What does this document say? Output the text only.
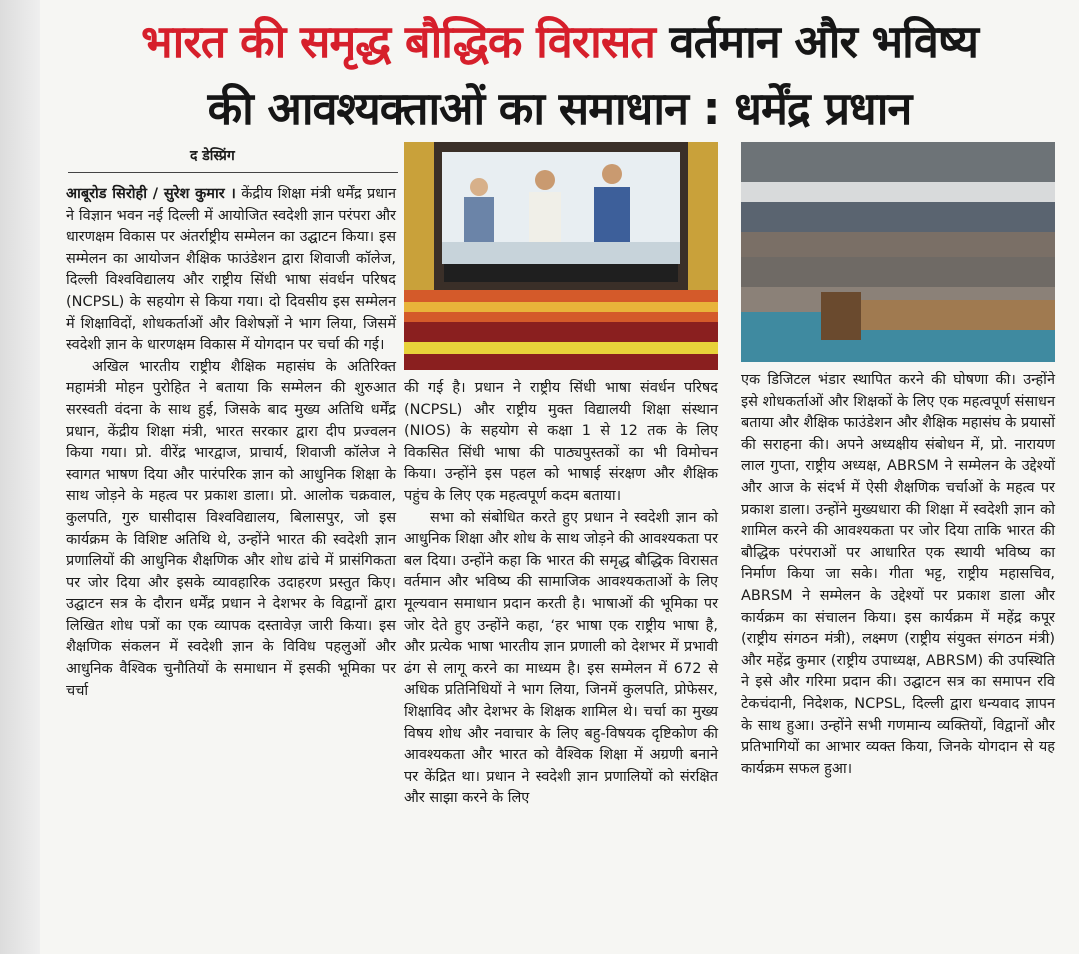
भारत की समृद्ध बौद्धिक विरासत वर्तमान और भविष्य
की आवश्यक्ताओं का समाधान : धर्मेंद्र प्रधान
द डेस्प्रिंग

आबूरोड सिरोही / सुरेश कुमार । केंद्रीय शिक्षा मंत्री धर्मेंद्र प्रधान ने विज्ञान भवन नई दिल्ली में आयोजित स्वदेशी ज्ञान परंपरा और धारणक्षम विकास पर अंतर्राष्ट्रीय सम्मेलन का उद्घाटन किया। इस सम्मेलन का आयोजन शैक्षिक फाउंडेशन द्वारा शिवाजी कॉलेज, दिल्ली विश्वविद्यालय और राष्ट्रीय सिंधी भाषा संवर्धन परिषद (NCPSL) के सहयोग से किया गया। दो दिवसीय इस सम्मेलन में शिक्षाविदों, शोधकर्ताओं और विशेषज्ञों ने भाग लिया, जिसमें स्वदेशी ज्ञान के धारणक्षम विकास में योगदान पर चर्चा की गई।

अखिल भारतीय राष्ट्रीय शैक्षिक महासंघ के अतिरिक्त महामंत्री मोहन पुरोहित ने बताया कि सम्मेलन की शुरुआत सरस्वती वंदना के साथ हुई, जिसके बाद मुख्य अतिथि धर्मेंद्र प्रधान, केंद्रीय शिक्षा मंत्री, भारत सरकार द्वारा दीप प्रज्वलन किया गया। प्रो. वीरेंद्र भारद्वाज, प्राचार्य, शिवाजी कॉलेज ने स्वागत भाषण दिया और पारंपरिक ज्ञान को आधुनिक शिक्षा के साथ जोड़ने के महत्व पर प्रकाश डाला। प्रो. आलोक चक्रवाल, कुलपति, गुरु घासीदास विश्वविद्यालय, बिलासपुर, जो इस कार्यक्रम के विशिष्ट अतिथि थे, उन्होंने भारत की स्वदेशी ज्ञान प्रणालियों की आधुनिक शैक्षणिक और शोध ढांचे में प्रासंगिकता पर जोर दिया और इसके व्यावहारिक उदाहरण प्रस्तुत किए। उद्घाटन सत्र के दौरान धर्मेंद्र प्रधान ने देशभर के विद्वानों द्वारा लिखित शोध पत्रों का एक व्यापक दस्तावेज़ जारी किया। इस शैक्षणिक संकलन में स्वदेशी ज्ञान के विविध पहलुओं और आधुनिक वैश्विक चुनौतियों के समाधान में इसकी भूमिका पर चर्चा

की गई है। प्रधान ने राष्ट्रीय सिंधी भाषा संवर्धन परिषद (NCPSL) और राष्ट्रीय मुक्त विद्यालयी शिक्षा संस्थान (NIOS) के सहयोग से कक्षा 1 से 12 तक के लिए विकसित सिंधी भाषा की पाठ्यपुस्तकों का भी विमोचन किया। उन्होंने इस पहल को भाषाई संरक्षण और शैक्षिक पहुंच के लिए एक महत्वपूर्ण कदम बताया।

सभा को संबोधित करते हुए प्रधान ने स्वदेशी ज्ञान को आधुनिक शिक्षा और शोध के साथ जोड़ने की आवश्यकता पर बल दिया। उन्होंने कहा कि भारत की समृद्ध बौद्धिक विरासत वर्तमान और भविष्य की सामाजिक आवश्यकताओं के लिए मूल्यवान समाधान प्रदान करती है। भाषाओं की भूमिका पर जोर देते हुए उन्होंने कहा, ‘हर भाषा एक राष्ट्रीय भाषा है, और प्रत्येक भाषा भारतीय ज्ञान प्रणाली को देशभर में प्रभावी ढंग से लागू करने का माध्यम है। इस सम्मेलन में 672 से अधिक प्रतिनिधियों ने भाग लिया, जिनमें कुलपति, प्रोफेसर, शिक्षाविद और देशभर के शिक्षक शामिल थे। चर्चा का मुख्य विषय शोध और नवाचार के लिए बहु-विषयक दृष्टिकोण की आवश्यकता और भारत को वैश्विक शिक्षा में अग्रणी बनाने पर केंद्रित था। प्रधान ने स्वदेशी ज्ञान प्रणालियों को संरक्षित और साझा करने के लिए

एक डिजिटल भंडार स्थापित करने की घोषणा की। उन्होंने इसे शोधकर्ताओं और शिक्षकों के लिए एक महत्वपूर्ण संसाधन बताया और शैक्षिक फाउंडेशन और शैक्षिक महासंघ के प्रयासों की सराहना की। अपने अध्यक्षीय संबोधन में, प्रो. नारायण लाल गुप्ता, राष्ट्रीय अध्यक्ष, ABRSM ने सम्मेलन के उद्देश्यों और आज के संदर्भ में ऐसी शैक्षणिक चर्चाओं के महत्व पर प्रकाश डाला। उन्होंने मुख्यधारा की शिक्षा में स्वदेशी ज्ञान को शामिल करने की आवश्यकता पर जोर दिया ताकि भारत की बौद्धिक परंपराओं पर आधारित एक स्थायी भविष्य का निर्माण किया जा सके। गीता भट्ट, राष्ट्रीय महासचिव, ABRSM ने सम्मेलन के उद्देश्यों पर प्रकाश डाला और कार्यक्रम का संचालन किया। इस कार्यक्रम में महेंद्र कपूर (राष्ट्रीय संगठन मंत्री), लक्ष्मण (राष्ट्रीय संयुक्त संगठन मंत्री) और महेंद्र कुमार (राष्ट्रीय उपाध्यक्ष, ABRSM) की उपस्थिति ने इसे और गरिमा प्रदान की। उद्घाटन सत्र का समापन रवि टेकचंदानी, निदेशक, NCPSL, दिल्ली द्वारा धन्यवाद ज्ञापन के साथ हुआ। उन्होंने सभी गणमान्य व्यक्तियों, विद्वानों और प्रतिभागियों का आभार व्यक्त किया, जिनके योगदान से यह कार्यक्रम सफल हुआ।
